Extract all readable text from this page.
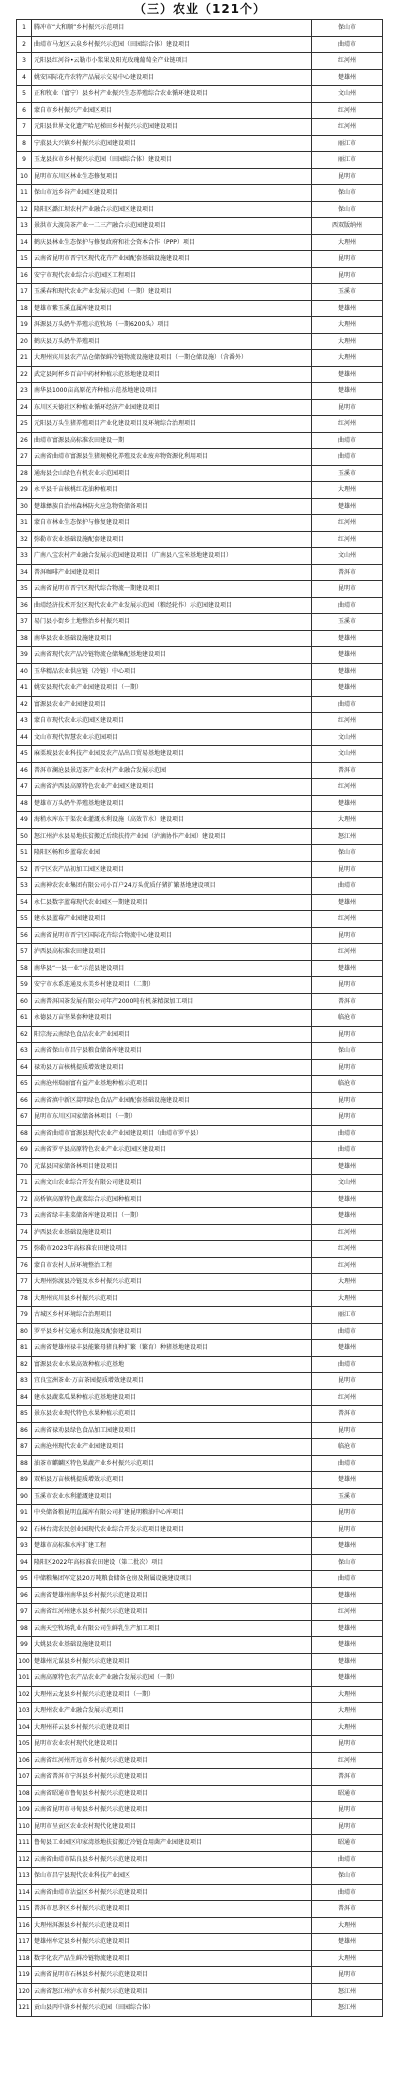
（三）农业（121个）
1	腾冲市“大和顺”乡村振兴示范项目	保山市
2	曲靖市马龙区云泉乡村振兴示范园（田园综合体）建设项目	曲靖市
3	元阳县红河谷•云勒市小浆果及阳光玫瑰葡萄全产业链项目	红河州
4	姚安国际花卉农特产品展示交易中心建设项目	楚雄州
5	正和牧业（富宁）县乡村产业振兴生态养殖综合农业循环建设项目	文山州
6	蒙自市乡村振兴产业园区项目	红河州
7	元阳县世界文化遗产哈尼梯田乡村振兴示范园建设项目	红河州
8	宁蒗县大兴镇乡村振兴示范园建设项目	丽江市
9	玉龙县拉市乡村振兴示范园（田园综合体）建设项目	丽江市
10	昆明市东川区林业生态修复项目	昆明市
11	保山市远乡谷产业园区建设项目	保山市
12	隆阳区潞江坝农村产业融合示范园区建设项目	保山市
13	景洪市大渡岗茶产业一二三产融合示范园建设项目	西双版纳州
14	鹤庆县林业生态保护与修复政府和社会资本合作（PPP）项目	大理州
15	云南省昆明市晋宁区现代花卉产业园配套基础设施建设项目	昆明市
16	安宁市现代农业综合示范园区工程项目	昆明市
17	玉溪春和现代农业产业发展示范园（一期）建设项目	玉溪市
18	楚雄市紫玉溪直属库建设项目	楚雄州
19	洱源县万头奶牛养殖示范牧场（一期6200头）项目	大理州
20	鹤庆县万头奶牛养殖项目	大理州
21	大理州宾川县农产品仓储保鲜冷链物流设施建设项目（一期仓储设施）（含番外）	大理州
22	武定县阿杯乡百亩中药材种植示范基地建设项目	楚雄州
23	南华县1000亩高原花卉种植示范基地建设项目	楚雄州
24	东川区天德社区种植业循环经济产业园建设项目	昆明市
25	元阳县万头生猪养殖项目产业化建设项目及环境综合治理项目	红河州
26	曲靖市富源县高标准农田建设一期	曲靖市
27	云南省曲靖市富源县生猪规模化养殖及农业废弃物资源化利用项目	曲靖市
28	通海县会山绿色有机农业示范园项目	玉溪市
29	永平县千亩核桃红花油种植项目	大理州
30	楚雄彝族自治州森林防火应急物资储备项目	楚雄州
31	蒙自市林业生态保护与修复建设项目	红河州
32	弥勒市农业基础设施配套建设项目	红河州
33	广南八宝农村产业融合发展示范园建设项目（广南县八宝米基地建设项目）	文山州
34	普洱咖啡产业园建设项目	普洱市
35	云南省昆明市晋宁区现代综合物流一期建设项目	昆明市
36	曲靖经济技术开发区现代农业产业发展示范园（粮经轮作）示范园建设项目	曲靖市
37	易门县小街乡土地整治乡村振兴项目	玉溪市
38	南华县农业基础设施建设项目	楚雄州
39	云南省现代农产品冷链物流仓储集配基地建设项目	楚雄州
40	玉华精品农业供应链（冷链）中心项目	楚雄州
41	姚安县现代农业产业园建设项目（一期）	楚雄州
42	富源县农业产业园建设项目	曲靖市
43	蒙自市现代农业示范园区建设项目	红河州
44	文山市现代智慧农业示范园项目	文山州
45	麻栗坡县农业科技产业园及农产品出口贸易基地建设项目	文山州
46	普洱市澜沧县景迈茶产业农村产业融合发展示范园	普洱市
47	云南省泸西县高原特色农业产业园区建设项目	红河州
48	楚雄市万头奶牛养殖基地建设项目	楚雄州
49	海稍水库东干渠农业灌溉水利设施（高效节水）建设项目	大理州
50	怒江州泸水县易地扶贫搬迁后续扶持产业园（泸滴协作产业园）建设项目	怒江州
51	隆阳区畅和乡蓝莓农业园	保山市
52	晋宁区农产品初加工园区建设项目	昆明市
53	云南神农农业集团有限公司小百户24万头优质仔猪扩繁基地建设项目	曲靖市
54	永仁县数字蓝莓现代农业园区一期建设项目	楚雄州
55	建水县蓝莓产业园建设项目	红河州
56	云南省昆明市晋宁区国际花卉综合物流中心建设项目	昆明市
57	泸西县高标准农田建设项目	红河州
58	南华县“一县一业”示范县建设项目	楚雄州
59	安宁市水系连通及水美乡村建设项目（二期）	昆明市
60	云南普洱国茶发展有限公司年产2000吨有机茶精深加工项目	普洱市
61	永德县万亩坚果套种建设项目	临沧市
62	阳宗海云南绿色食品农业产业园项目	昆明市
63	云南省保山市昌宁县粮食储备库建设项目	保山市
64	禄劝县万亩核桃提质增效建设项目	昆明市
65	云南沧州瑞丽富有益产业基地种植示范项目	临沧市
66	云南省滇中新区蒿明绿色食品产业园配套基础设施建设项目	昆明市
67	昆明市东川区国家储备林项目（一期）	昆明市
68	云南省曲靖市富源县现代农业产业园建设项目（曲靖市罗平县）	曲靖市
69	云南省罗平县高原特色农业产业示范园区建设项目	曲靖市
70	元谋县国家储备林项目建设项目	楚雄州
71	云南文山农业综合开发有限公司建设项目	文山州
72	高桥镇高原特色蔬菜综合示范园种植项目	楚雄州
73	云南省绿丰韭菜储备库建设项目（一期）	楚雄州
74	泸西县农业基础设施建设项目	红河州
75	弥勒市2023年高标准农田建设项目	红河州
76	蒙自市农村人居环境整治工程	红河州
77	大理州弥渡县冷链及水乡村振兴示范项目	大理州
78	大理州宾川县乡村振兴示范项目	大理州
79	古城区乡村环境综合治理项目	丽江市
80	罗平县乡村交通水利设施及配套建设项目	曲靖市
81	云南省楚雄州禄丰县能繁母猪良种扩繁（繁育）种猪基地建设项目	楚雄州
82	富源县农业水果高效种植示范基地	曲靖市
83	宜良宝洲茶业·万亩茶园提质增效建设项目	昆明市
84	建水县蔬菜瓜果种植示范基地建设项目	红河州
85	景东县农业现代特色水果种植示范项目	普洱市
86	云南省禄劝县绿色食品加工园建设项目	昆明市
87	云南沧州现代农业产业园建设项目	临沧市
88	油茶市麒麟区特色果蔬产业乡村振兴示范项目	曲靖市
89	双柏县万亩核桃提质增效示范项目	楚雄州
90	玉溪市农业水利灌溉建设项目	玉溪市
91	中央储备粮昆明直属库有限公司扩建昆明粮油中心库项目	昆明市
92	石林台湾农民创业园现代农业综合开发示范项目建设项目	昆明市
93	楚雄市高标准水库扩建工程	楚雄州
94	隆阳区2022年高标准农田建设（第二批次）项目	保山市
95	中储粮集团军定县20万吨粮食储备仓房及附属设施建设项目	曲靖市
96	云南省楚雄州南华县乡村振兴示范建设项目	楚雄州
97	云南省红河州建水县乡村振兴示范建设项目	红河州
98	云南天空牧场乳业有限公司生鲜乳生产加工项目	楚雄州
99	大姚县农业基础设施建设项目	楚雄州
100	楚雄州元谋县乡村振兴示范建设项目	楚雄州
101	云南高原特色农产品农业产业融合发展示范园（一期）	楚雄州
102	大理州云龙县乡村振兴示范建设项目（一期）	大理州
103	大理州农业产业融合发展示范项目	大理州
104	大理州祥云县乡村振兴示范建设项目	大理州
105	昆明市农业农村现代化建设项目	昆明市
106	云南省红河州开远市乡村振兴示范建设项目	红河州
107	云南省普洱市宁洱县乡村振兴示范建设项目	普洱市
108	云南省昭通市鲁甸县乡村振兴示范建设项目	昭通市
109	云南省昆明市寻甸县乡村振兴示范建设项目	昆明市
110	昆明市呈贡区农业农村现代化建设项目	昆明市
111	鲁甸县工业园区印家湾基地扶贫搬迁冷链食用菌产业园建设项目	昭通市
112	云南省曲靖市陆良县乡村振兴示范建设项目	曲靖市
113	保山市昌宁县现代农业科技产业园区	保山市
114	云南省曲靖市沾益区乡村振兴示范建设项目	曲靖市
115	普洱市思茅区乡村振兴示范建设项目	普洱市
116	大理州洱源县乡村振兴示范建设项目	大理州
117	楚雄州牟定县乡村振兴示范建设项目	楚雄州
118	数字化农产品生鲜冷链物流建设项目	大理州
119	云南省昆明市石林县乡村振兴示范建设项目	昆明市
120	云南省怒江州泸水市乡村振兴示范建设项目	怒江州
121	贡山县丙中洛乡村振兴示范园（田园综合体）	怒江州
